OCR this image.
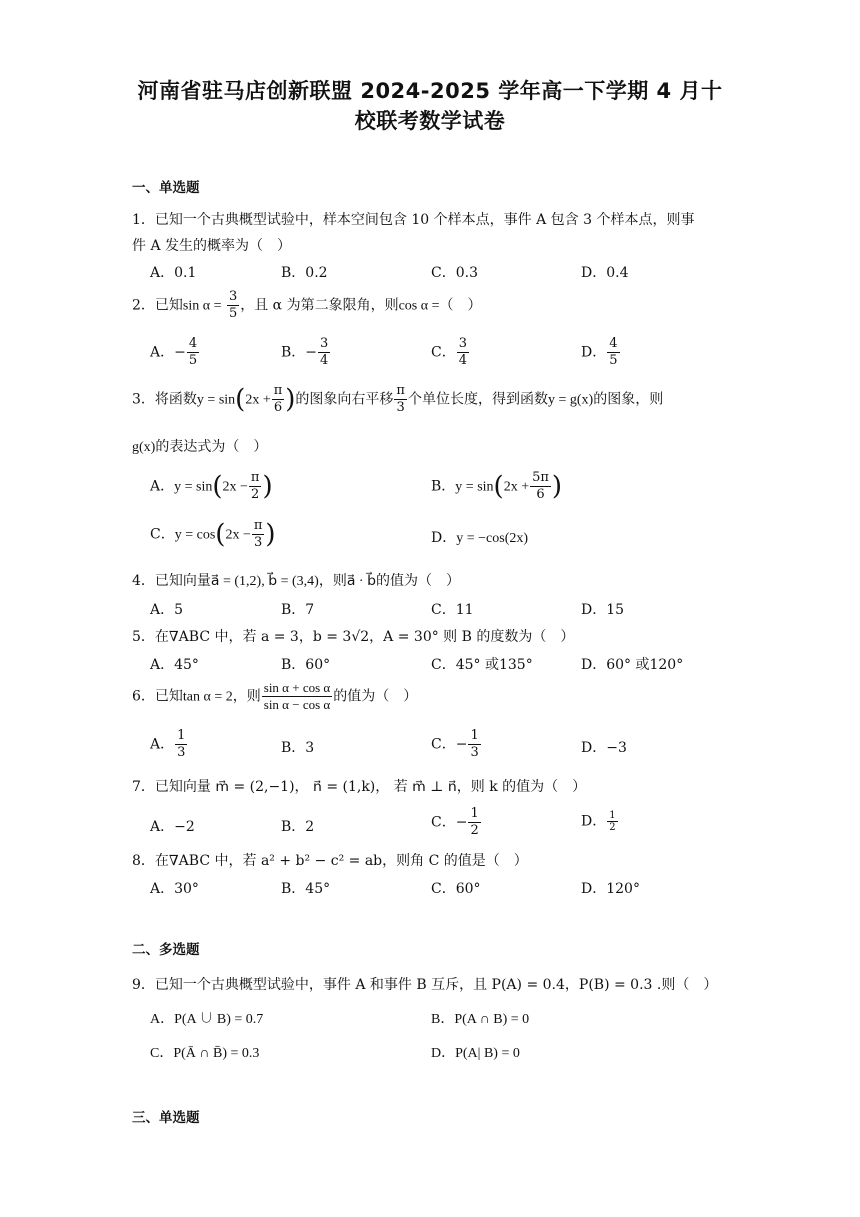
河南省驻马店创新联盟 2024-2025 学年高一下学期 4 月十
校联考数学试卷
一、单选题
1．已知一个古典概型试验中，样本空间包含 10 个样本点，事件 A 包含 3 个样本点，则事
件 A 发生的概率为（　）
A．0.1	B．0.2	C．0.3	D．0.4
2．已知$\sin \alpha = \frac{3}{5}$ ，且 α 为第二象限角，则cos α =（　）
A．− $\frac{4}{5}$	B．− $\frac{3}{4}$	C． $\frac{3}{4}$	D． $\frac{4}{5}$
3．将函数$y = \sin(2x + \frac{\pi}{6}$ )的图象向右平移 $\frac{\pi}{3}$ 个单位长度，得到函数y = g(x)的图象，则
g(x)的表达式为（　）
A．$y = \sin(2x - \frac{\pi}{2}$ )	B．$y = \sin(2x + \frac{5\pi}{6}$ )
C．$y = \cos(2x - \frac{\pi}{3}$ )	D．y = −cos(2x)
4．已知向量a⃗ = (1,2), b⃗ = (3,4)，则a⃗ · b⃗的值为（　）
A．5	B．7	C．11	D．15
5．在∇ABC 中，若 a = 3，b = 3√2，A = 30° 则 B 的度数为（　）
A．45°	B．60°	C．45° 或135°	D．60° 或120°
6．已知tan α = 2，则 $\frac{\text{sin α + cos α}}{\text{sin α − cos α}}$ 的值为（　）
A． $\frac{1}{3}$	B．3	C．− $\frac{1}{3}$	D．−3
7．已知向量 m⃗ = (2,−1)， n⃗ = (1,k)， 若 m⃗ ⊥ n⃗，则 k 的值为（　）
A．−2	B．2	C．− $\frac{1}{2}$	D． $\frac{1}{2}$
8．在∇ABC 中，若 a² + b² − c² = ab，则角 C 的值是（　）
A．30°	B．45°	C．60°	D．120°
二、多选题
9．已知一个古典概型试验中，事件 A 和事件 B 互斥，且 P(A) = 0.4，P(B) = 0.3 .则（　）
A．P(A ∪ B) = 0.7	B．P(A ∩ B) = 0
C．P(Ā ∩ B̄) = 0.3	D．P(A| B) = 0
三、单选题
